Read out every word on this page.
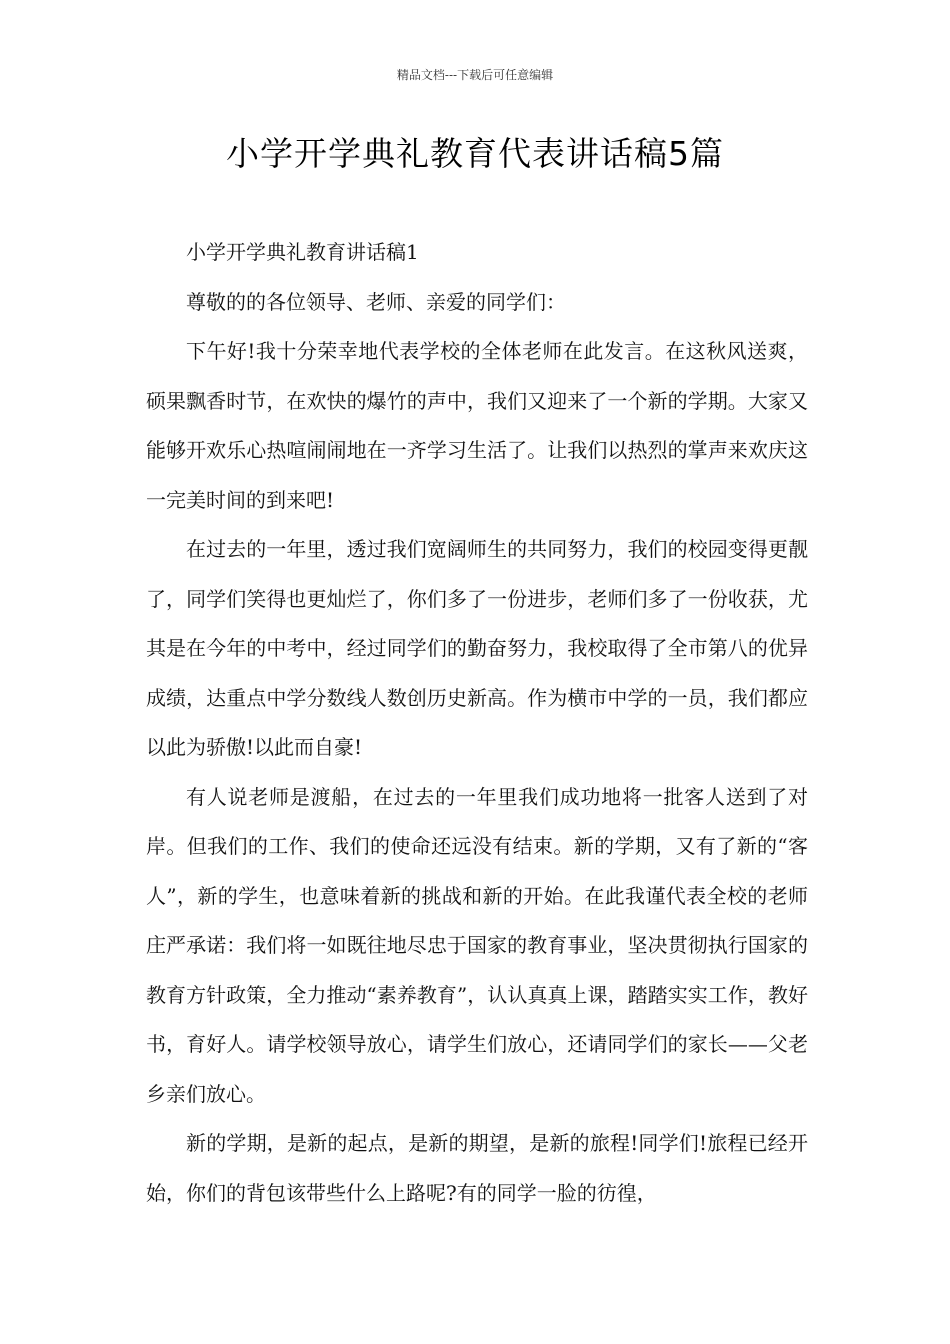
精品文档---下载后可任意编辑
小学开学典礼教育代表讲话稿5篇

小学开学典礼教育讲话稿1

尊敬的的各位领导、老师、亲爱的同学们：

下午好!我十分荣幸地代表学校的全体老师在此发言。在这秋风送爽，硕果飘香时节，在欢快的爆竹的声中，我们又迎来了一个新的学期。大家又能够开欢乐心热喧闹闹地在一齐学习生活了。让我们以热烈的掌声来欢庆这一完美时间的到来吧!

在过去的一年里，透过我们宽阔师生的共同努力，我们的校园变得更靓了，同学们笑得也更灿烂了，你们多了一份进步，老师们多了一份收获，尤其是在今年的中考中，经过同学们的勤奋努力，我校取得了全市第八的优异成绩，达重点中学分数线人数创历史新高。作为横市中学的一员，我们都应以此为骄傲!以此而自豪!

有人说老师是渡船，在过去的一年里我们成功地将一批客人送到了对岸。但我们的工作、我们的使命还远没有结束。新的学期，又有了新的“客人”，新的学生，也意味着新的挑战和新的开始。在此我谨代表全校的老师庄严承诺：我们将一如既往地尽忠于国家的教育事业，坚决贯彻执行国家的教育方针政策，全力推动“素养教育”，认认真真上课，踏踏实实工作，教好书，育好人。请学校领导放心，请学生们放心，还请同学们的家长——父老乡亲们放心。

新的学期，是新的起点，是新的期望，是新的旅程!同学们!旅程已经开始，你们的背包该带些什么上路呢?有的同学一脸的彷徨，
